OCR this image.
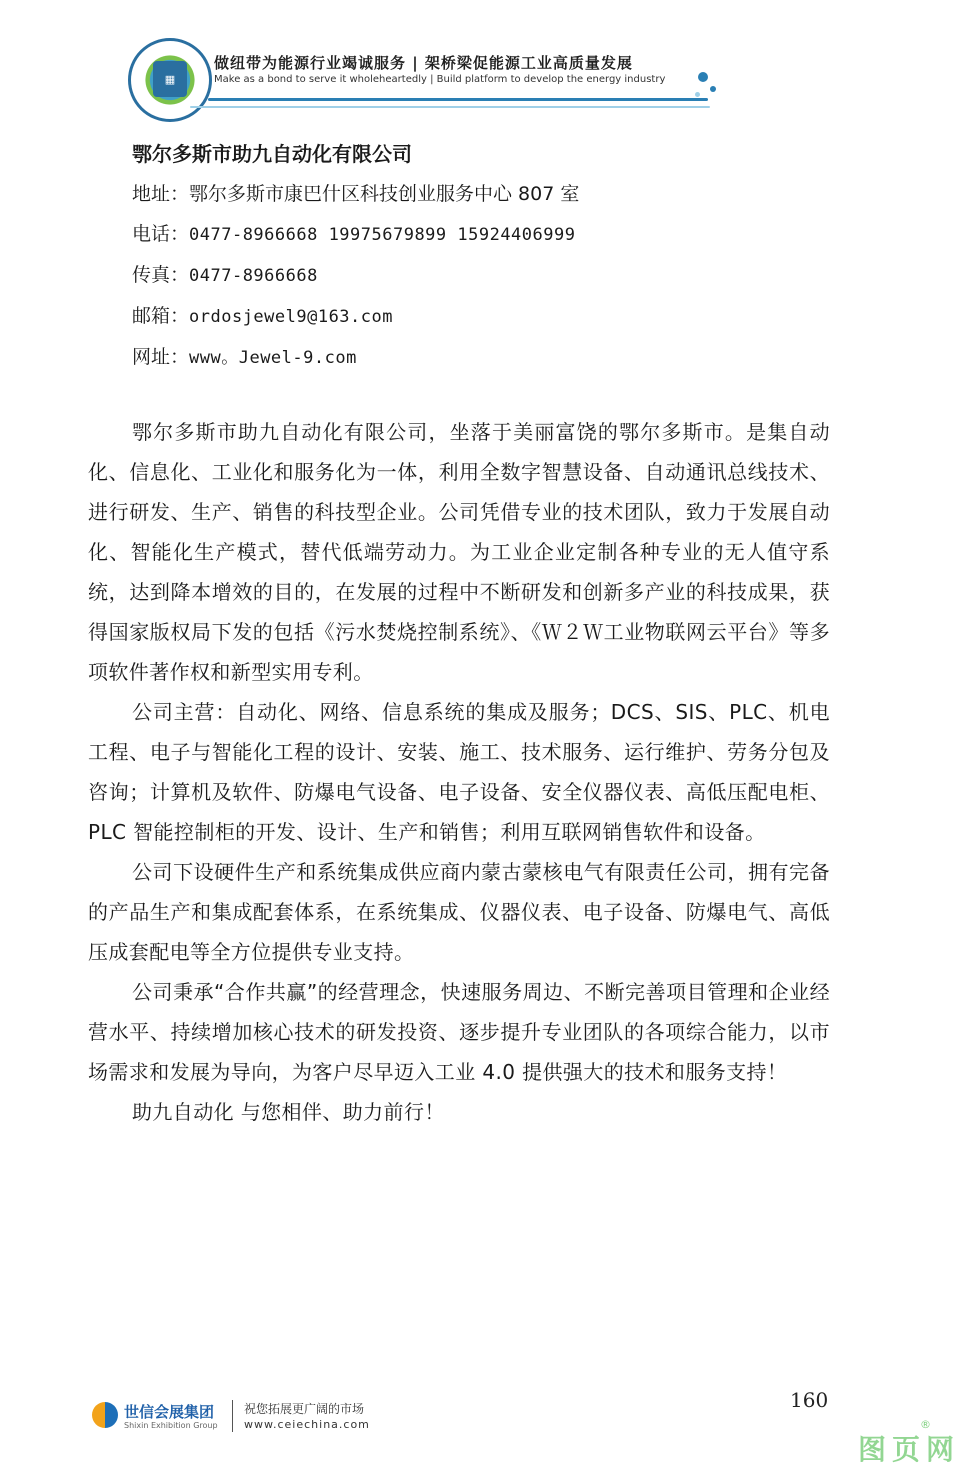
▦
做纽带为能源行业竭诚服务 | 架桥梁促能源工业高质量发展
Make as a bond to serve it wholeheartedly | Build platform to develop the energy industry
鄂尔多斯市助九自动化有限公司
地址：鄂尔多斯市康巴什区科技创业服务中心 807 室
电话：0477-8966668 19975679899 15924406999
传真：0477-8966668
邮箱：ordosjewel9@163.com
网址：www。Jewel-9.com

鄂尔多斯市助九自动化有限公司，坐落于美丽富饶的鄂尔多斯市。是集自动化、信息化、工业化和服务化为一体，利用全数字智慧设备、自动通讯总线技术、进行研发、生产、销售的科技型企业。公司凭借专业的技术团队，致力于发展自动化、智能化生产模式，替代低端劳动力。为工业企业定制各种专业的无人值守系统，达到降本增效的目的，在发展的过程中不断研发和创新多产业的科技成果，获得国家版权局下发的包括《污水焚烧控制系统》、《Ｗ２Ｗ工业物联网云平台》等多项软件著作权和新型实用专利。

公司主营：自动化、网络、信息系统的集成及服务；DCS、SIS、PLC、机电工程、电子与智能化工程的设计、安装、施工、技术服务、运行维护、劳务分包及咨询；计算机及软件、防爆电气设备、电子设备、安全仪器仪表、高低压配电柜、PLC 智能控制柜的开发、设计、生产和销售；利用互联网销售软件和设备。

公司下设硬件生产和系统集成供应商内蒙古蒙核电气有限责任公司，拥有完备的产品生产和集成配套体系，在系统集成、仪器仪表、电子设备、防爆电气、高低压成套配电等全方位提供专业支持。

公司秉承“合作共赢”的经营理念，快速服务周边、不断完善项目管理和企业经营水平、持续增加核心技术的研发投资、逐步提升专业团队的各项综合能力，以市场需求和发展为导向，为客户尽早迈入工业 4.0 提供强大的技术和服务支持！

助九自动化 与您相伴、助力前行！

世信会展集团
Shixin Exhibition Group
祝您拓展更广阔的市场
www.ceiechina.com
160
®
图页网
